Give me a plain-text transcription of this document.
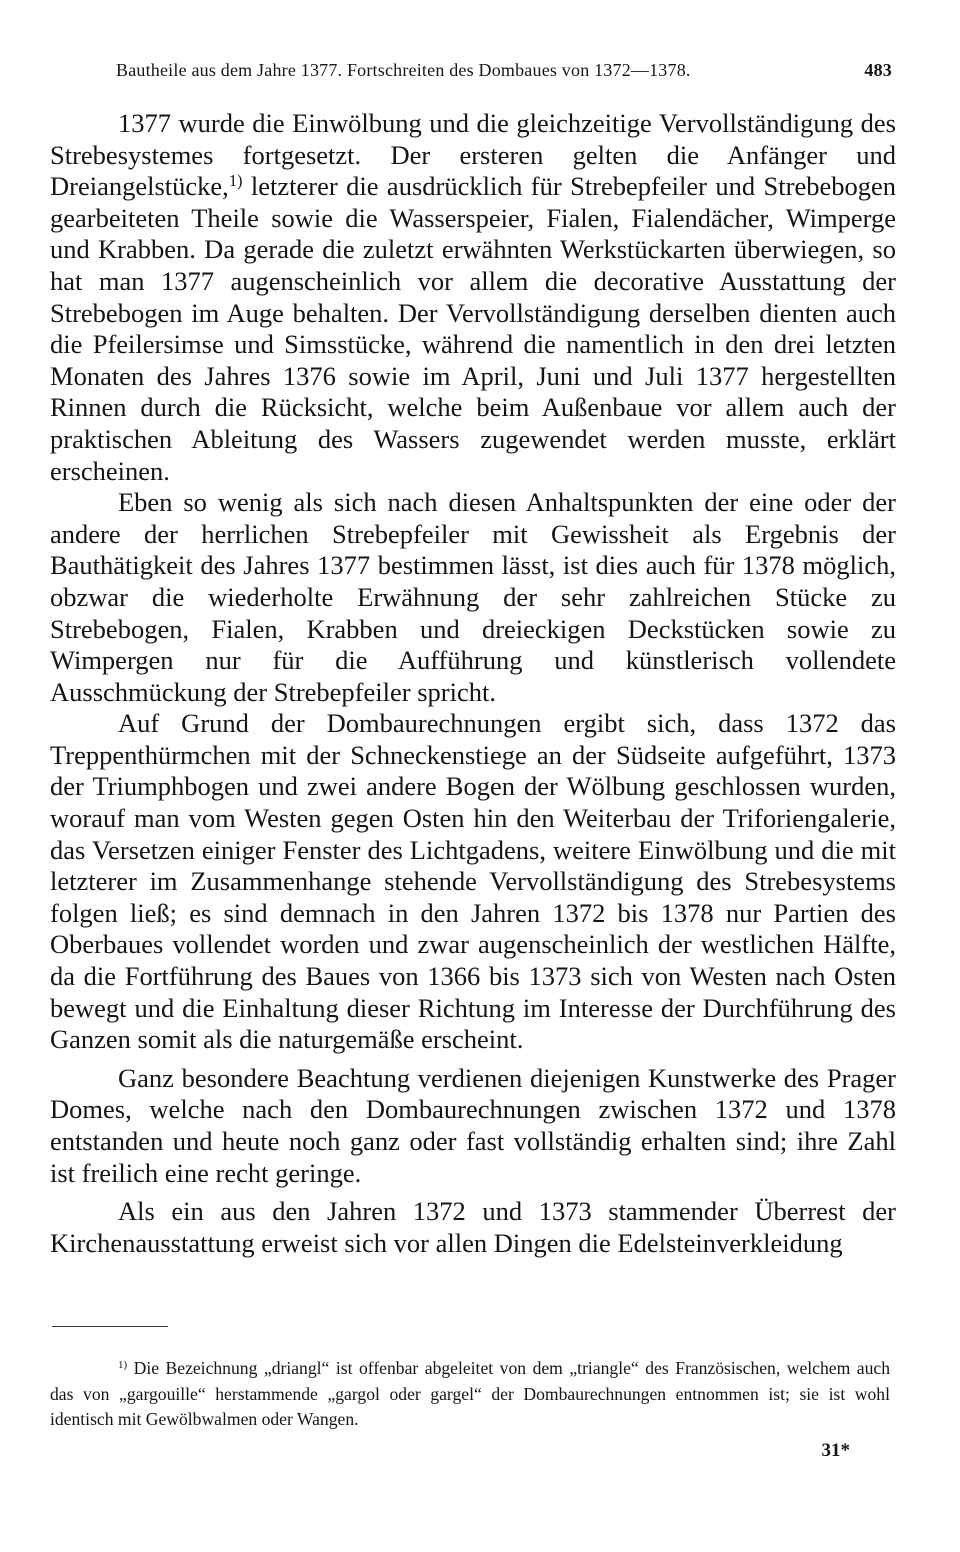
Bautheile aus dem Jahre 1377. Fortschreiten des Dombaues von 1372—1378.	483

1377 wurde die Einwölbung und die gleichzeitige Vervollständigung des Strebesystemes fortgesetzt. Der ersteren gelten die Anfänger und Dreiangelstücke,$^{1)}$ letzterer die ausdrücklich für Strebepfeiler und Strebebogen gearbeiteten Theile sowie die Wasserspeier, Fialen, Fialendächer, Wimperge und Krabben. Da gerade die zuletzt erwähnten Werkstückarten überwiegen, so hat man 1377 augenscheinlich vor allem die decorative Ausstattung der Strebebogen im Auge behalten. Der Vervollständigung derselben dienten auch die Pfeilersimse und Simsstücke, während die namentlich in den drei letzten Monaten des Jahres 1376 sowie im April, Juni und Juli 1377 hergestellten Rinnen durch die Rücksicht, welche beim Außenbaue vor allem auch der praktischen Ableitung des Wassers zugewendet werden musste, erklärt erscheinen.

Eben so wenig als sich nach diesen Anhaltspunkten der eine oder der andere der herrlichen Strebepfeiler mit Gewissheit als Ergebnis der Bauthätigkeit des Jahres 1377 bestimmen lässt, ist dies auch für 1378 möglich, obzwar die wiederholte Erwähnung der sehr zahlreichen Stücke zu Strebebogen, Fialen, Krabben und dreieckigen Deckstücken sowie zu Wimpergen nur für die Aufführung und künstlerisch vollendete Ausschmückung der Strebepfeiler spricht.

Auf Grund der Dombaurechnungen ergibt sich, dass 1372 das Treppenthürmchen mit der Schneckenstiege an der Südseite aufgeführt, 1373 der Triumphbogen und zwei andere Bogen der Wölbung geschlossen wurden, worauf man vom Westen gegen Osten hin den Weiterbau der Triforiengalerie, das Versetzen einiger Fenster des Lichtgadens, weitere Einwölbung und die mit letzterer im Zusammenhange stehende Vervollständigung des Strebesystems folgen ließ; es sind demnach in den Jahren 1372 bis 1378 nur Partien des Oberbaues vollendet worden und zwar augenscheinlich der westlichen Hälfte, da die Fortführung des Baues von 1366 bis 1373 sich von Westen nach Osten bewegt und die Einhaltung dieser Richtung im Interesse der Durchführung des Ganzen somit als die naturgemäße erscheint.

Ganz besondere Beachtung verdienen diejenigen Kunstwerke des Prager Domes, welche nach den Dombaurechnungen zwischen 1372 und 1378 entstanden und heute noch ganz oder fast vollständig erhalten sind; ihre Zahl ist freilich eine recht geringe.

Als ein aus den Jahren 1372 und 1373 stammender Überrest der Kirchenausstattung erweist sich vor allen Dingen die Edelsteinverkleidung

$^{1)}$ Die Bezeichnung „driangl“ ist offenbar abgeleitet von dem „triangle“ des Französischen, welchem auch das von „gargouille“ herstammende „gargol oder gargel“ der Dombaurechnungen entnommen ist; sie ist wohl identisch mit Gewölbwalmen oder Wangen.

31*
